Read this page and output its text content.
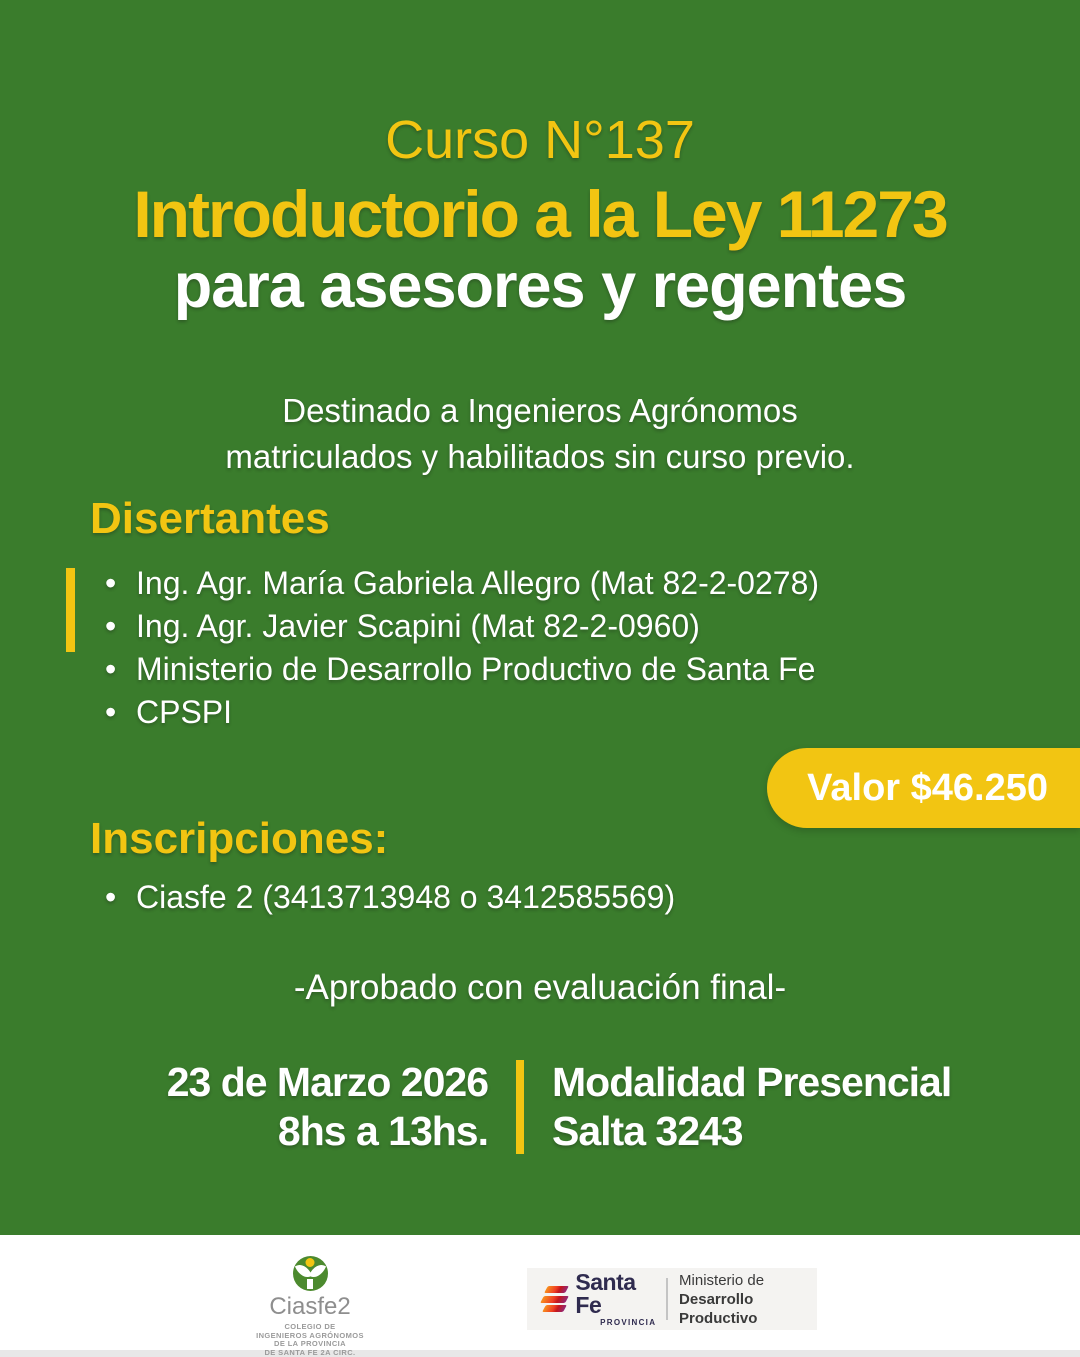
Curso N°137
Introductorio a la Ley 11273
para asesores y regentes
Destinado a Ingenieros Agrónomos
matriculados y habilitados sin curso previo.
Disertantes
• Ing. Agr. María Gabriela Allegro (Mat 82-2-0278)
• Ing. Agr. Javier Scapini (Mat 82-2-0960)
• Ministerio de Desarrollo Productivo de Santa Fe
• CPSPI
Valor $46.250
Inscripciones:
• Ciasfe 2 (3413713948 o 3412585569)
-Aprobado con evaluación final-
23 de Marzo 2026
8hs a 13hs.
Modalidad Presencial
Salta 3243
Ciasfe2
COLEGIO DE
INGENIEROS AGRÓNOMOS
DE LA PROVINCIA
DE SANTA FE 2A CIRC.
Santa Fe
PROVINCIA
Ministerio de
Desarrollo Productivo
